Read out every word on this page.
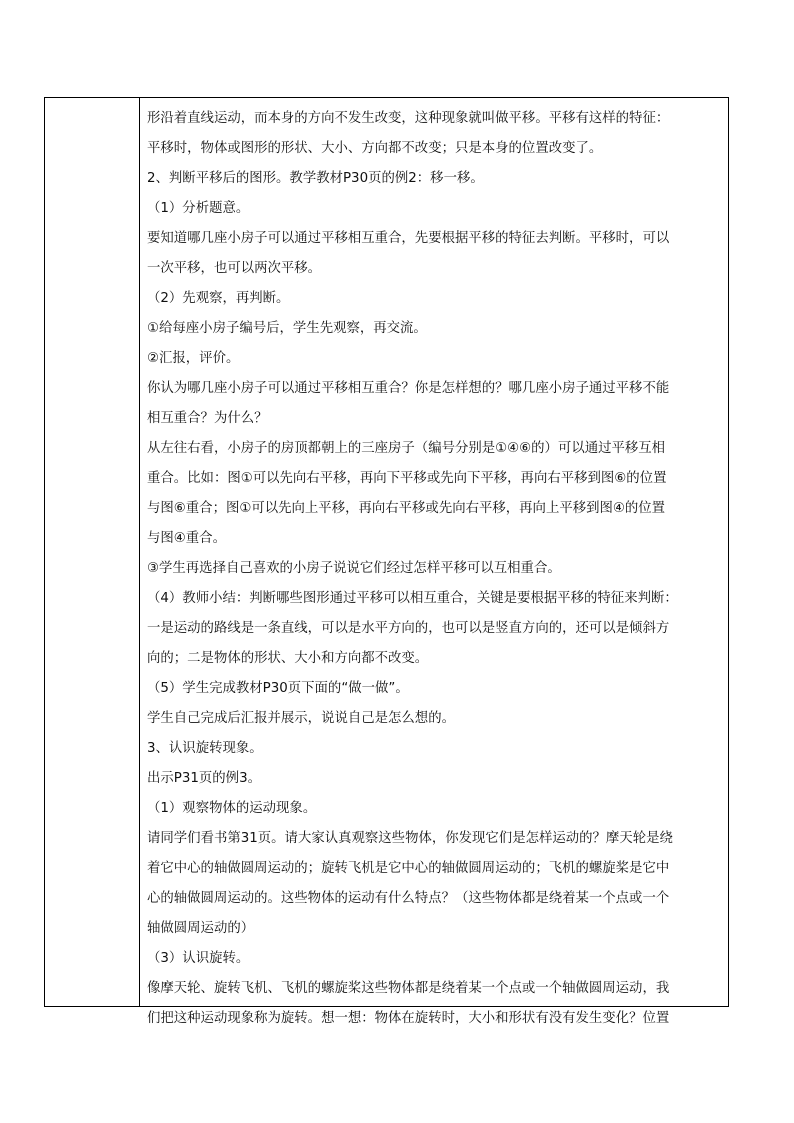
形沿着直线运动，而本身的方向不发生改变，这种现象就叫做平移。平移有这样的特征：
平移时，物体或图形的形状、大小、方向都不改变；只是本身的位置改变了。
2、判断平移后的图形。教学教材P30页的例2：移一移。
（1）分析题意。
要知道哪几座小房子可以通过平移相互重合，先要根据平移的特征去判断。平移时，可以
一次平移，也可以两次平移。
（2）先观察，再判断。
①给每座小房子编号后，学生先观察，再交流。
②汇报，评价。
你认为哪几座小房子可以通过平移相互重合？你是怎样想的？哪几座小房子通过平移不能
相互重合？为什么？
从左往右看，小房子的房顶都朝上的三座房子（编号分别是①④⑥的）可以通过平移互相
重合。比如：图①可以先向右平移，再向下平移或先向下平移，再向右平移到图⑥的位置
与图⑥重合；图①可以先向上平移，再向右平移或先向右平移，再向上平移到图④的位置
与图④重合。
③学生再选择自己喜欢的小房子说说它们经过怎样平移可以互相重合。
（4）教师小结：判断哪些图形通过平移可以相互重合，关键是要根据平移的特征来判断：
一是运动的路线是一条直线，可以是水平方向的，也可以是竖直方向的，还可以是倾斜方
向的；二是物体的形状、大小和方向都不改变。
（5）学生完成教材P30页下面的“做一做”。
学生自己完成后汇报并展示，说说自己是怎么想的。
3、认识旋转现象。
出示P31页的例3。
（1）观察物体的运动现象。
请同学们看书第31页。请大家认真观察这些物体，你发现它们是怎样运动的？摩天轮是绕
着它中心的轴做圆周运动的；旋转飞机是它中心的轴做圆周运动的；飞机的螺旋桨是它中
心的轴做圆周运动的。这些物体的运动有什么特点？（这些物体都是绕着某一个点或一个
轴做圆周运动的）
（3）认识旋转。
像摩天轮、旋转飞机、飞机的螺旋桨这些物体都是绕着某一个点或一个轴做圆周运动，我
们把这种运动现象称为旋转。想一想：物体在旋转时，大小和形状有没有发生变化？位置
